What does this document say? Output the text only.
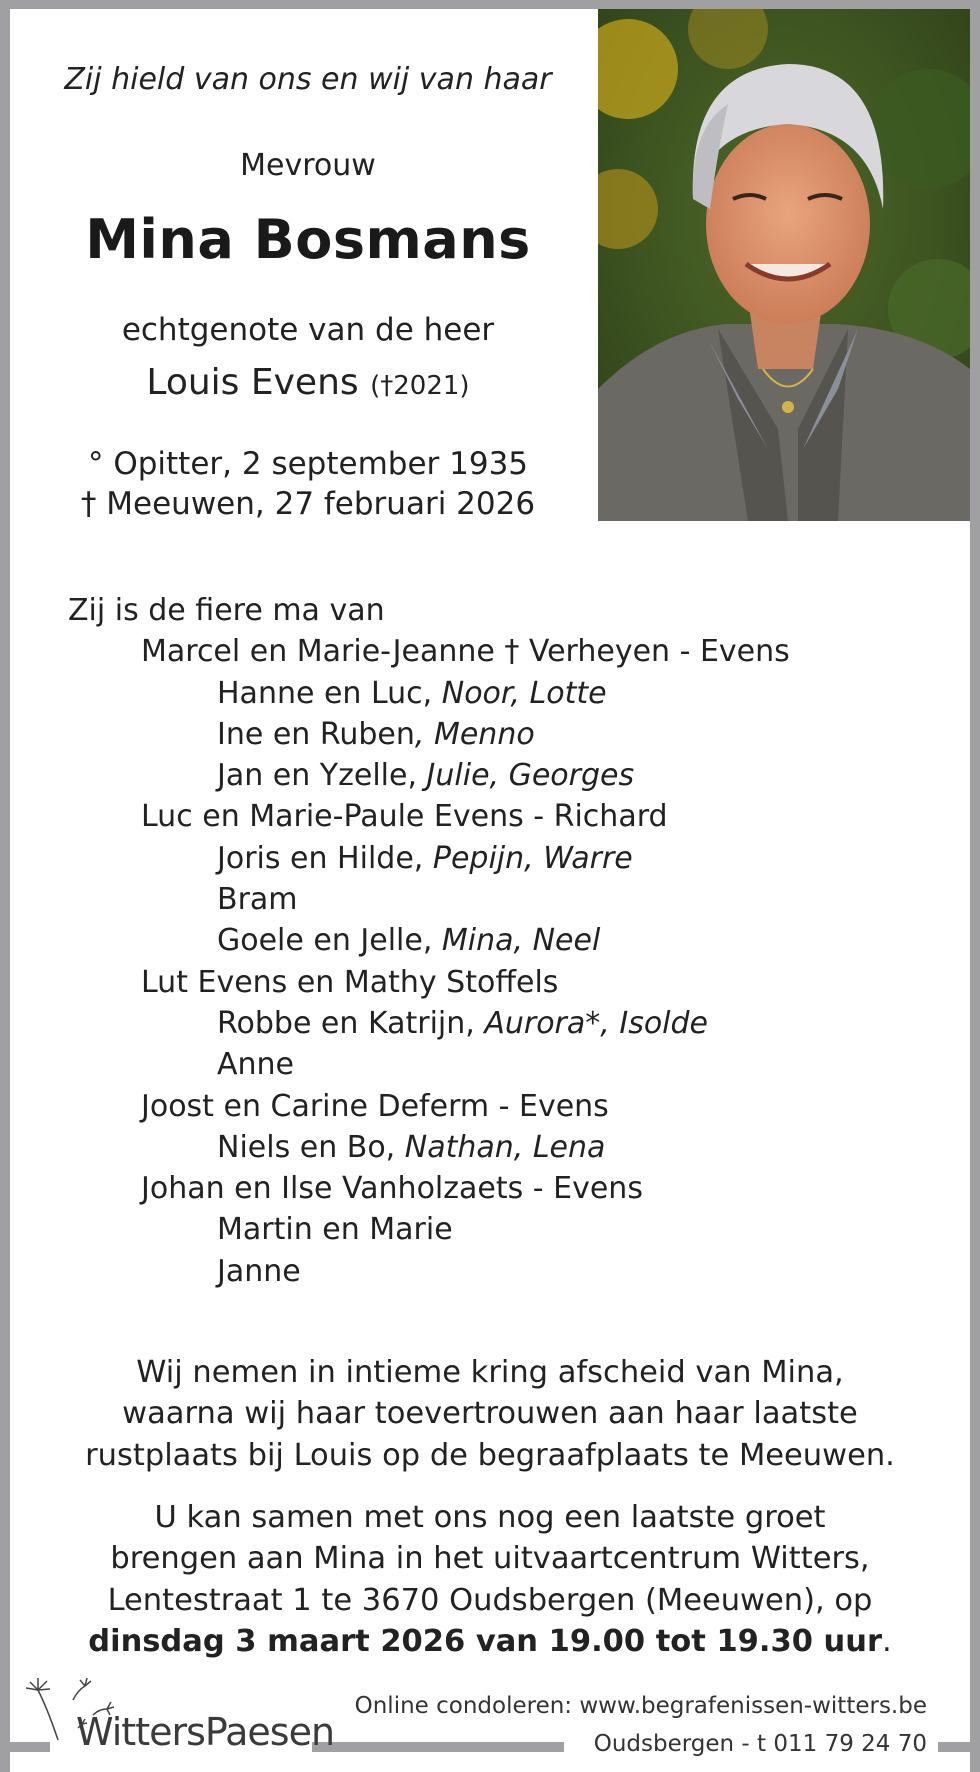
Zij hield van ons en wij van haar
Mevrouw
Mina Bosmans
echtgenote van de heer
Louis Evens (†2021)
° Opitter, 2 september 1935
† Meeuwen, 27 februari 2026
Zij is de fiere ma van
Marcel en Marie-Jeanne † Verheyen - Evens
Hanne en Luc, Noor, Lotte
Ine en Ruben, Menno
Jan en Yzelle, Julie, Georges
Luc en Marie-Paule Evens - Richard
Joris en Hilde, Pepijn, Warre
Bram
Goele en Jelle, Mina, Neel
Lut Evens en Mathy Stoffels
Robbe en Katrijn, Aurora*, Isolde
Anne
Joost en Carine Deferm - Evens
Niels en Bo, Nathan, Lena
Johan en Ilse Vanholzaets - Evens
Martin en Marie
Janne
Wij nemen in intieme kring afscheid van Mina,
waarna wij haar toevertrouwen aan haar laatste
rustplaats bij Louis op de begraafplaats te Meeuwen.
U kan samen met ons nog een laatste groet
brengen aan Mina in het uitvaartcentrum Witters,
Lentestraat 1 te 3670 Oudsbergen (Meeuwen), op
dinsdag 3 maart 2026 van 19.00 tot 19.30 uur.
WittersPaesen
Online condoleren: www.begrafenissen-witters.be
Oudsbergen - t 011 79 24 70
